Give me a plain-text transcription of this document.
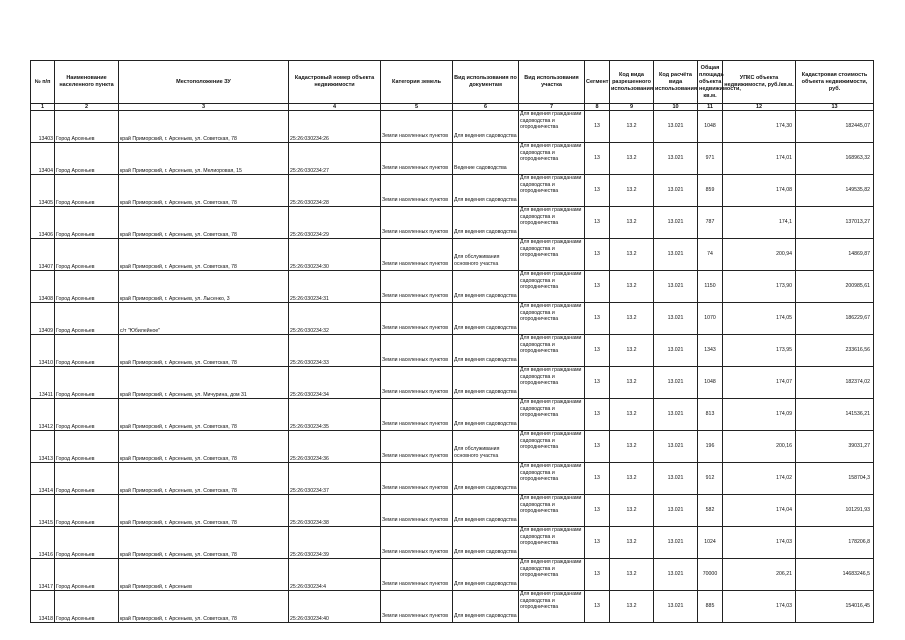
№ п/п	Наименование населенного пункта	Местоположение ЗУ	Кадастровый номер объекта недвижимости	Категория земель	Вид использования по документам	Вид использования участка	Сегмент	Код вида разрешенного использования	Код расчёта вида использования	Общая площадь объекта недвижимости, кв.м.	УПКС объекта недвижимости, руб./кв.м.	Кадастровая стоимость объекта недвижимости, руб.
1	2	3	4	5	6	7	8	9	10	11	12	13
13403	Город Арсеньев	край Приморский, г. Арсеньев, ул. Советская, 78	25:26:030234:26	Земли населенных пунктов	Для ведения садоводства	Для ведения гражданами садоводства и огородничества	13	13.2	13.021	1048	174,30	182445,07
13404	Город Арсеньев	край Приморский, г. Арсеньев, ул. Мелиоровая, 15	25:26:030234:27	Земли населенных пунктов	Ведение садоводства	Для ведения гражданами садоводства и огородничества	13	13.2	13.021	971	174,01	168963,32
13405	Город Арсеньев	край Приморский, г. Арсеньев, ул. Советская, 78	25:26:030234:28	Земли населенных пунктов	Для ведения садоводства	Для ведения гражданами садоводства и огородничества	13	13.2	13.021	859	174,08	149535,82
13406	Город Арсеньев	край Приморский, г. Арсеньев, ул. Советская, 78	25:26:030234:29	Земли населенных пунктов	Для ведения садоводства	Для ведения гражданами садоводства и огородничества	13	13.2	13.021	787	174,1	137013,27
13407	Город Арсеньев	край Приморский, г. Арсеньев, ул. Советская, 78	25:26:030234:30	Земли населенных пунктов	Для обслуживания основного участка	Для ведения гражданами садоводства и огородничества	13	13.2	13.021	74	200,94	14869,87
13408	Город Арсеньев	край Приморский, г. Арсеньев, ул. Лысенко, 3	25:26:030234:31	Земли населенных пунктов	Для ведения садоводства	Для ведения гражданами садоводства и огородничества	13	13.2	13.021	1150	173,90	200985,61
13409	Город Арсеньев	с/т "Юбилейное"	25:26:030234:32	Земли населенных пунктов	Для ведения садоводства	Для ведения гражданами садоводства и огородничества	13	13.2	13.021	1070	174,05	186229,67
13410	Город Арсеньев	край Приморский, г. Арсеньев, ул. Советская, 78	25:26:030234:33	Земли населенных пунктов	Для ведения садоводства	Для ведения гражданами садоводства и огородничества	13	13.2	13.021	1343	173,95	233616,56
13411	Город Арсеньев	край Приморский, г. Арсеньев, ул. Мичурина, дом 31	25:26:030234:34	Земли населенных пунктов	Для ведения садоводства	Для ведения гражданами садоводства и огородничества	13	13.2	13.021	1048	174,07	182374,02
13412	Город Арсеньев	край Приморский, г. Арсеньев, ул. Советская, 78	25:26:030234:35	Земли населенных пунктов	Для ведения садоводства	Для ведения гражданами садоводства и огородничества	13	13.2	13.021	813	174,09	141536,21
13413	Город Арсеньев	край Приморский, г. Арсеньев, ул. Советская, 78	25:26:030234:36	Земли населенных пунктов	Для обслуживания основного участка	Для ведения гражданами садоводства и огородничества	13	13.2	13.021	196	200,16	39031,27
13414	Город Арсеньев	край Приморский, г. Арсеньев, ул. Советская, 78	25:26:030234:37	Земли населенных пунктов	Для ведения садоводства	Для ведения гражданами садоводства и огородничества	13	13.2	13.021	912	174,02	158704,3
13415	Город Арсеньев	край Приморский, г. Арсеньев, ул. Советская, 78	25:26:030234:38	Земли населенных пунктов	Для ведения садоводства	Для ведения гражданами садоводства и огородничества	13	13.2	13.021	582	174,04	101291,93
13416	Город Арсеньев	край Приморский, г. Арсеньев, ул. Советская, 78	25:26:030234:39	Земли населенных пунктов	Для ведения садоводства	Для ведения гражданами садоводства и огородничества	13	13.2	13.021	1024	174,03	178206,8
13417	Город Арсеньев	край Приморский, г. Арсеньев	25:26:030234:4	Земли населенных пунктов	Для ведения садоводства	Для ведения гражданами садоводства и огородничества	13	13.2	13.021	70000	206,21	14683246,5
13418	Город Арсеньев	край Приморский, г. Арсеньев, ул. Советская, 78	25:26:030234:40	Земли населенных пунктов	Для ведения садоводства	Для ведения гражданами садоводства и огородничества	13	13.2	13.021	885	174,03	154016,45
